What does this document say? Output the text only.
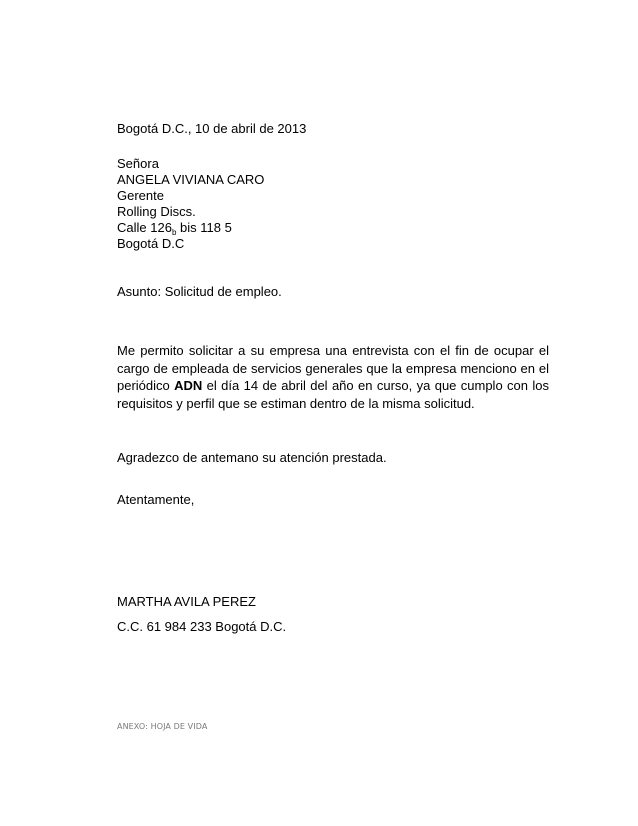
Bogotá D.C., 10 de abril de 2013
Señora
ANGELA VIVIANA CARO
Gerente
Rolling Discs.
Calle $126_b$ bis 118 5
Bogotá D.C
Asunto: Solicitud de empleo.
Me permito solicitar a su empresa una entrevista con el fin de ocupar el cargo de empleada de servicios generales que la empresa menciono en el periódico ADN el día 14 de abril del año en curso, ya que cumplo con los requisitos y perfil que se estiman dentro de la misma solicitud.
Agradezco de antemano su atención prestada.
Atentamente,
MARTHA AVILA PEREZ
C.C. 61 984 233 Bogotá D.C.
ANEXO: HOJA DE VIDA
